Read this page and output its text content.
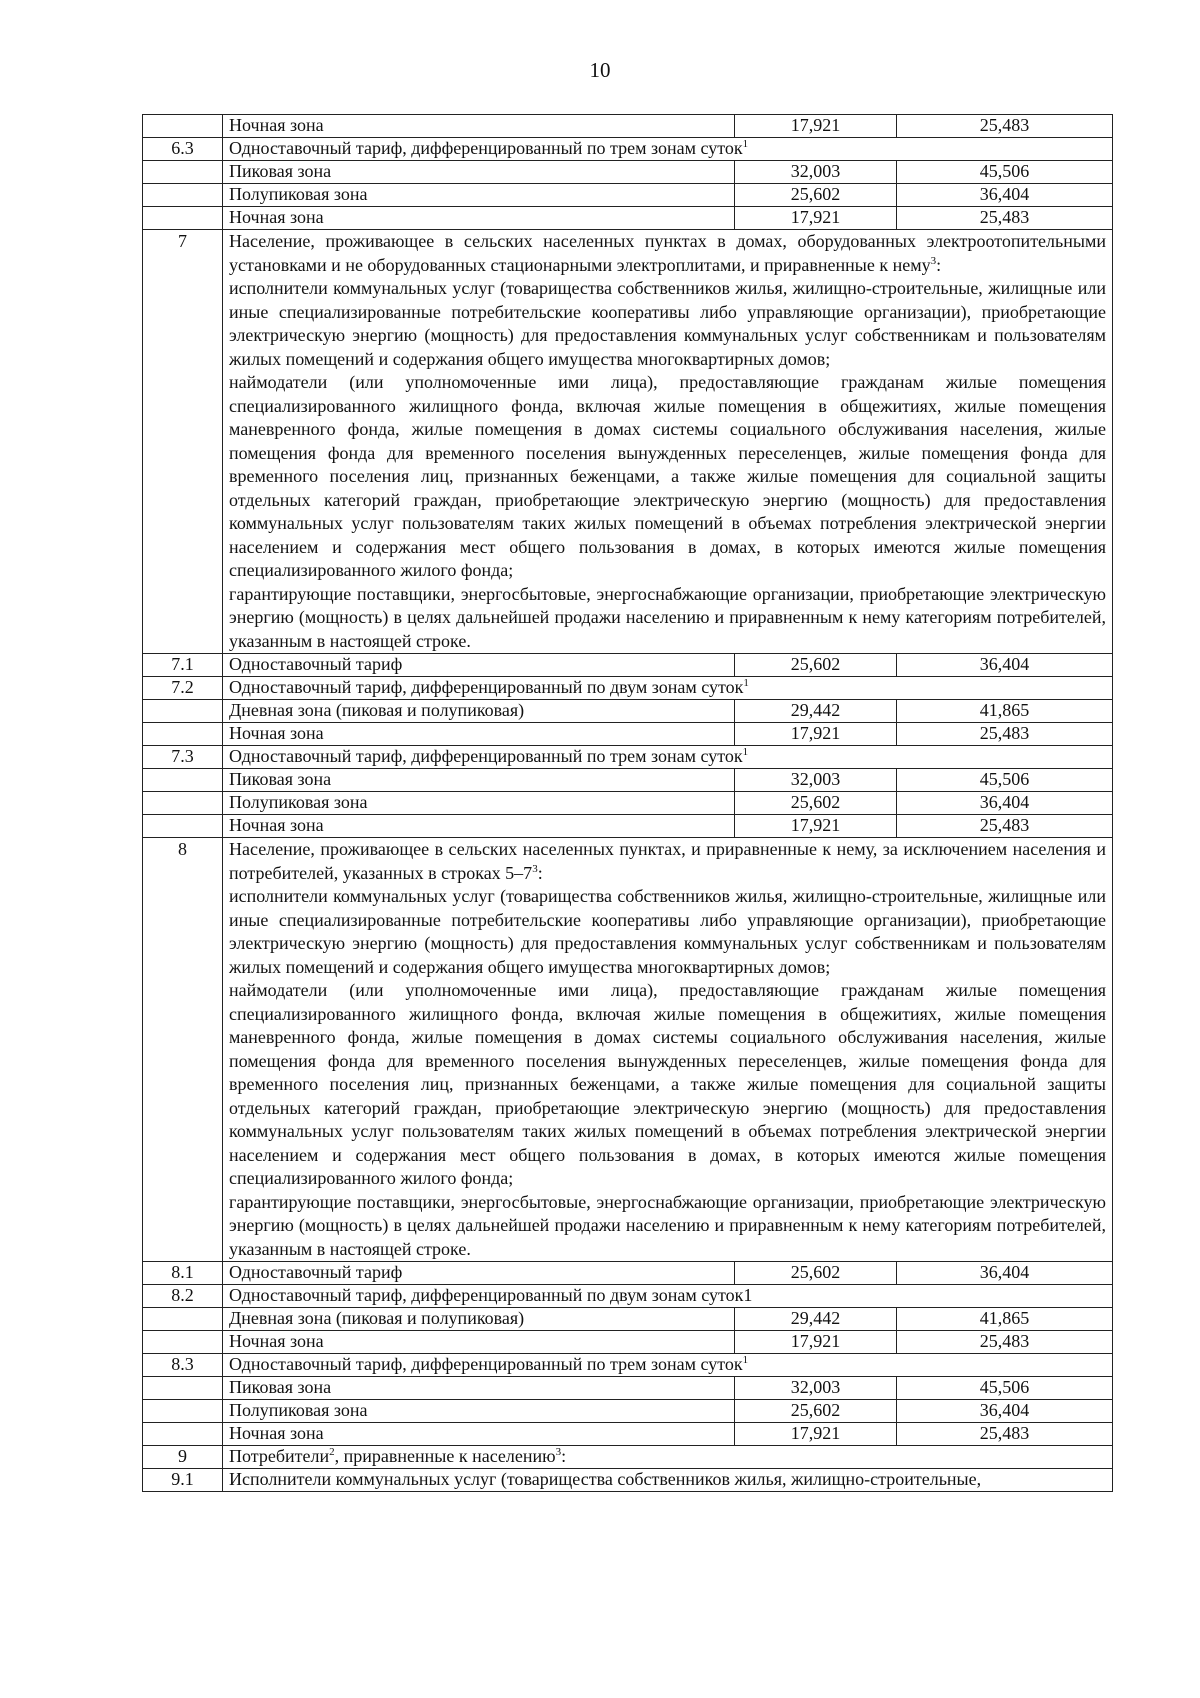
10
	Ночная зона	17,921	25,483
6.3	Одноставочный тариф, дифференцированный по трем зонам суток$^1$
	Пиковая зона	32,003	45,506
	Полупиковая зона	25,602	36,404
	Ночная зона	17,921	25,483
7	Население, проживающее в сельских населенных пунктах в домах, оборудованных электроотопительными установками и не оборудованных стационарными электроплитами, и приравненные к нему$^3$:

исполнители коммунальных услуг (товарищества собственников жилья, жилищно-строительные, жилищные или иные специализированные потребительские кооперативы либо управляющие организации), приобретающие электрическую энергию (мощность) для предоставления коммунальных услуг собственникам и пользователям жилых помещений и содержания общего имущества многоквартирных домов;

наймодатели (или уполномоченные ими лица), предоставляющие гражданам жилые помещения специализированного жилищного фонда, включая жилые помещения в общежитиях, жилые помещения маневренного фонда, жилые помещения в домах системы социального обслуживания населения, жилые помещения фонда для временного поселения вынужденных переселенцев, жилые помещения фонда для временного поселения лиц, признанных беженцами, а также жилые помещения для социальной защиты отдельных категорий граждан, приобретающие электрическую энергию (мощность) для предоставления коммунальных услуг пользователям таких жилых помещений в объемах потребления электрической энергии населением и содержания мест общего пользования в домах, в которых имеются жилые помещения специализированного жилого фонда;

гарантирующие поставщики, энергосбытовые, энергоснабжающие организации, приобретающие электрическую энергию (мощность) в целях дальнейшей продажи населению и приравненным к нему категориям потребителей, указанным в настоящей строке.		

7.1	Одноставочный тариф	25,602	36,404
7.2	Одноставочный тариф, дифференцированный по двум зонам суток$^1$
	Дневная зона (пиковая и полупиковая)	29,442	41,865
	Ночная зона	17,921	25,483
7.3	Одноставочный тариф, дифференцированный по трем зонам суток$^1$
	Пиковая зона	32,003	45,506
	Полупиковая зона	25,602	36,404
	Ночная зона	17,921	25,483
8	Население, проживающее в сельских населенных пунктах, и приравненные к нему, за исключением населения и потребителей, указанных в строках $5-7^3$:

исполнители коммунальных услуг (товарищества собственников жилья, жилищно-строительные, жилищные или иные специализированные потребительские кооперативы либо управляющие организации), приобретающие электрическую энергию (мощность) для предоставления коммунальных услуг собственникам и пользователям жилых помещений и содержания общего имущества многоквартирных домов;

наймодатели (или уполномоченные ими лица), предоставляющие гражданам жилые помещения специализированного жилищного фонда, включая жилые помещения в общежитиях, жилые помещения маневренного фонда, жилые помещения в домах системы социального обслуживания населения, жилые помещения фонда для временного поселения вынужденных переселенцев, жилые помещения фонда для временного поселения лиц, признанных беженцами, а также жилые помещения для социальной защиты отдельных категорий граждан, приобретающие электрическую энергию (мощность) для предоставления коммунальных услуг пользователям таких жилых помещений в объемах потребления электрической энергии населением и содержания мест общего пользования в домах, в которых имеются жилые помещения специализированного жилого фонда;

гарантирующие поставщики, энергосбытовые, энергоснабжающие организации, приобретающие электрическую энергию (мощность) в целях дальнейшей продажи населению и приравненным к нему категориям потребителей, указанным в настоящей строке.		

8.1	Одноставочный тариф	25,602	36,404
8.2	Одноставочный тариф, дифференцированный по двум зонам суток1		
	Дневная зона (пиковая и полупиковая)	29,442	41,865
	Ночная зона	17,921	25,483
8.3	Одноставочный тариф, дифференцированный по трем зонам суток$^1$
	Пиковая зона	32,003	45,506
	Полупиковая зона	25,602	36,404
	Ночная зона	17,921	25,483
9	Потребители$^2$, приравненные к населению$^3$:		
9.1	Исполнители коммунальных услуг (товарищества собственников жилья, жилищно-строительные,		
